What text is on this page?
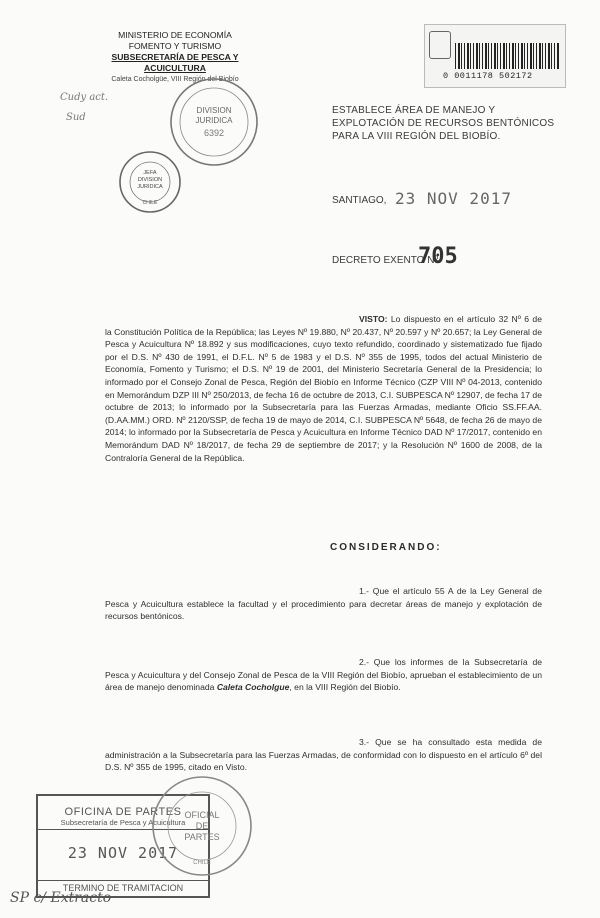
MINISTERIO DE ECONOMÍA
FOMENTO Y TURISMO
SUBSECRETARÍA DE PESCA Y ACUICULTURA
Caleta Cocholgüe, VIII Región del Biobío
Cudy act.
Sud
DIVISION JURIDICA
6392
JEFA DIVISION JURIDICA
CHILE
0 0011178 502172
ESTABLECE ÁREA DE MANEJO Y EXPLOTACIÓN DE RECURSOS BENTÓNICOS PARA LA VIII REGIÓN DEL BIOBÍO.
SANTIAGO, 23 NOV 2017
DECRETO EXENTO Nº
705
VISTO: Lo dispuesto en el artículo 32 Nº 6 de la Constitución Política de la República; las Leyes Nº 19.880, Nº 20.437, Nº 20.597 y Nº 20.657; la Ley General de Pesca y Acuicultura Nº 18.892 y sus modificaciones, cuyo texto refundido, coordinado y sistematizado fue fijado por el D.S. Nº 430 de 1991, el D.F.L. Nº 5 de 1983 y el D.S. Nº 355 de 1995, todos del actual Ministerio de Economía, Fomento y Turismo; el D.S. Nº 19 de 2001, del Ministerio Secretaría General de la Presidencia; lo informado por el Consejo Zonal de Pesca, Región del Biobío en Informe Técnico (CZP VIII Nº 04-2013, contenido en Memorándum DZP III Nº 250/2013, de fecha 16 de octubre de 2013, C.I. SUBPESCA Nº 12907, de fecha 17 de octubre de 2013; lo informado por la Subsecretaría para las Fuerzas Armadas, mediante Oficio SS.FF.AA. (D.AA.MM.) ORD. Nº 2120/SSP, de fecha 19 de mayo de 2014, C.I. SUBPESCA Nº 5648, de fecha 26 de mayo de 2014; lo informado por la Subsecretaría de Pesca y Acuicultura en Informe Técnico DAD Nº 17/2017, contenido en Memorándum DAD Nº 18/2017, de fecha 29 de septiembre de 2017; y la Resolución Nº 1600 de 2008, de la Contraloría General de la República.
CONSIDERANDO:
1.- Que el artículo 55 A de la Ley General de Pesca y Acuicultura establece la facultad y el procedimiento para decretar áreas de manejo y explotación de recursos bentónicos.
2.- Que los informes de la Subsecretaría de Pesca y Acuicultura y del Consejo Zonal de Pesca de la VIII Región del Biobío, aprueban el establecimiento de un área de manejo denominada Caleta Cocholgue, en la VIII Región del Biobío.
3.- Que se ha consultado esta medida de administración a la Subsecretaría para las Fuerzas Armadas, de conformidad con lo dispuesto en el artículo 6º del D.S. Nº 355 de 1995, citado en Visto.
OFICINA DE PARTES
Subsecretaría de Pesca y Acuicultura
23 NOV 2017
TERMINO DE TRAMITACION
OFICIAL DE PARTES
CHILE
SP c/ Extracto
